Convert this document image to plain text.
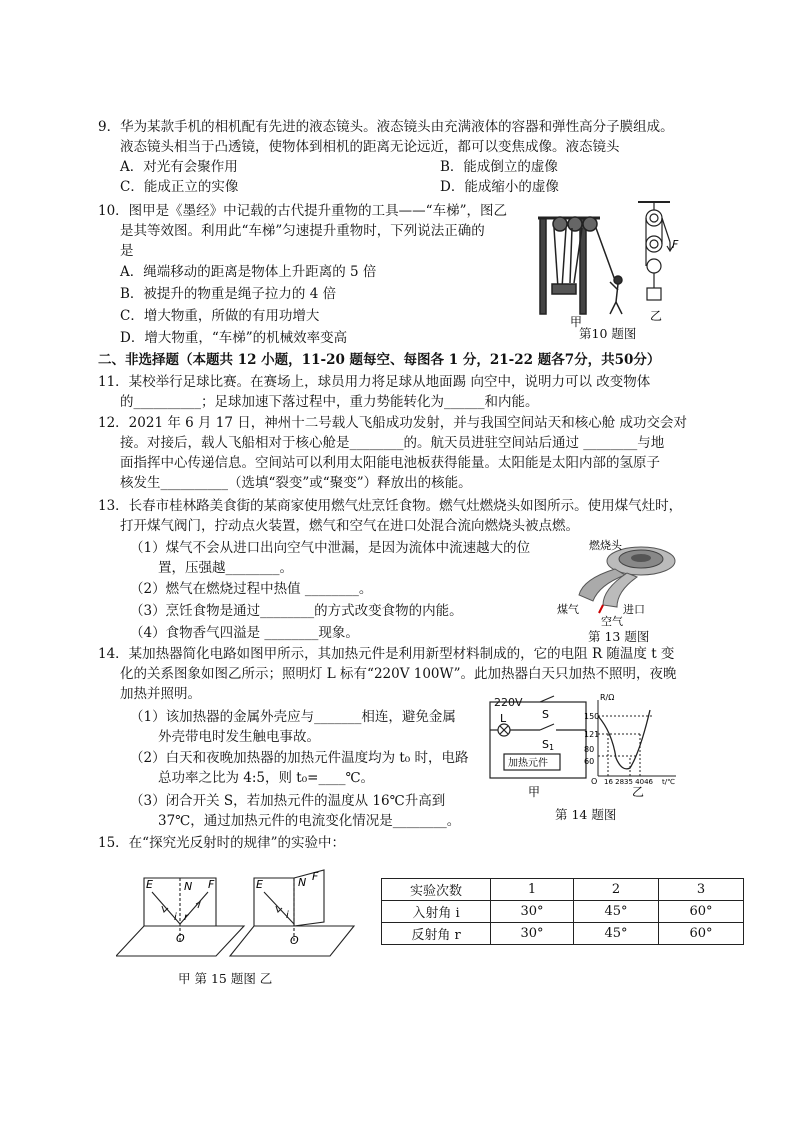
9．华为某款手机的相机配有先进的液态镜头。液态镜头由充满液体的容器和弹性高分子膜组成。
液态镜头相当于凸透镜，使物体到相机的距离无论远近，都可以变焦成像。液态镜头
A．对光有会聚作用	B．能成倒立的虚像
C．能成正立的实像	D．能成缩小的虚像
10．图甲是《墨经》中记载的古代提升重物的工具——“车梯”，图乙
是其等效图。利用此“车梯”匀速提升重物时，下列说法正确的
是
A．绳端移动的距离是物体上升距离的 5 倍
B．被提升的物重是绳子拉力的 4 倍
C．增大物重，所做的有用功增大
D．增大物重，“车梯”的机械效率变高
F
甲	乙
第10 题图
二、非选择题（本题共 12 小题，11-20 题每空、每图各 1 分，21-22 题各7分，共50分）
11．某校举行足球比赛。在赛场上，球员用力将足球从地面踢 向空中，说明力可以 改变物体
的__________；足球加速下落过程中，重力势能转化为______和内能。
12．2021 年 6 月 17 日，神州十二号载人飞船成功发射，并与我国空间站天和核心舱 成功交会对
接。对接后，载人飞船相对于核心舱是________的。航天员进驻空间站后通过 ________与地
面指挥中心传递信息。空间站可以利用太阳能电池板获得能量。太阳能是太阳内部的氢原子
核发生__________（选填“裂变”或“聚变”）释放出的核能。
13．长春市桂林路美食街的某商家使用燃气灶烹饪食物。燃气灶燃烧头如图所示。使用煤气灶时，
打开煤气阀门，拧动点火装置，燃气和空气在进口处混合流向燃烧头被点燃。
（1）煤气不会从进口出向空气中泄漏，是因为流体中流速越大的位
置，压强越________。
（2）燃气在燃烧过程中热值 ________。
（3）烹饪食物是通过________的方式改变食物的内能。
（4）食物香气四溢是 ________现象。
燃烧头
煤气	进口
空气
第 13 题图
14．某加热器简化电路如图甲所示，其加热元件是利用新型材料制成的，它的电阻 R 随温度 t 变
化的关系图象如图乙所示；照明灯 L 标有“220V 100W”。此加热器白天只加热不照明，夜晚
加热并照明。
（1）该加热器的金属外壳应与_______相连，避免金属
外壳带电时发生触电事故。
（2）白天和夜晚加热器的加热元件温度均为 t₀ 时，电路
总功率之比为 4:5，则 t₀=____℃。
（3）闭合开关 S，若加热元件的温度从 16℃升高到
37℃，通过加热元件的电流变化情况是________。
220V
L	S
S1
加热元件
甲
R/Ω
150
121
80
60
O 16 2835 4046 t/℃
乙
第 14 题图
15．在“探究光反射时的规律”的实验中：
E	N F
i r
O
E	N F
i
O
甲 第 15 题图 乙
实验次数	1	2	3
入射角 i	30°	45°	60°
反射角 r	30°	45°	60°
